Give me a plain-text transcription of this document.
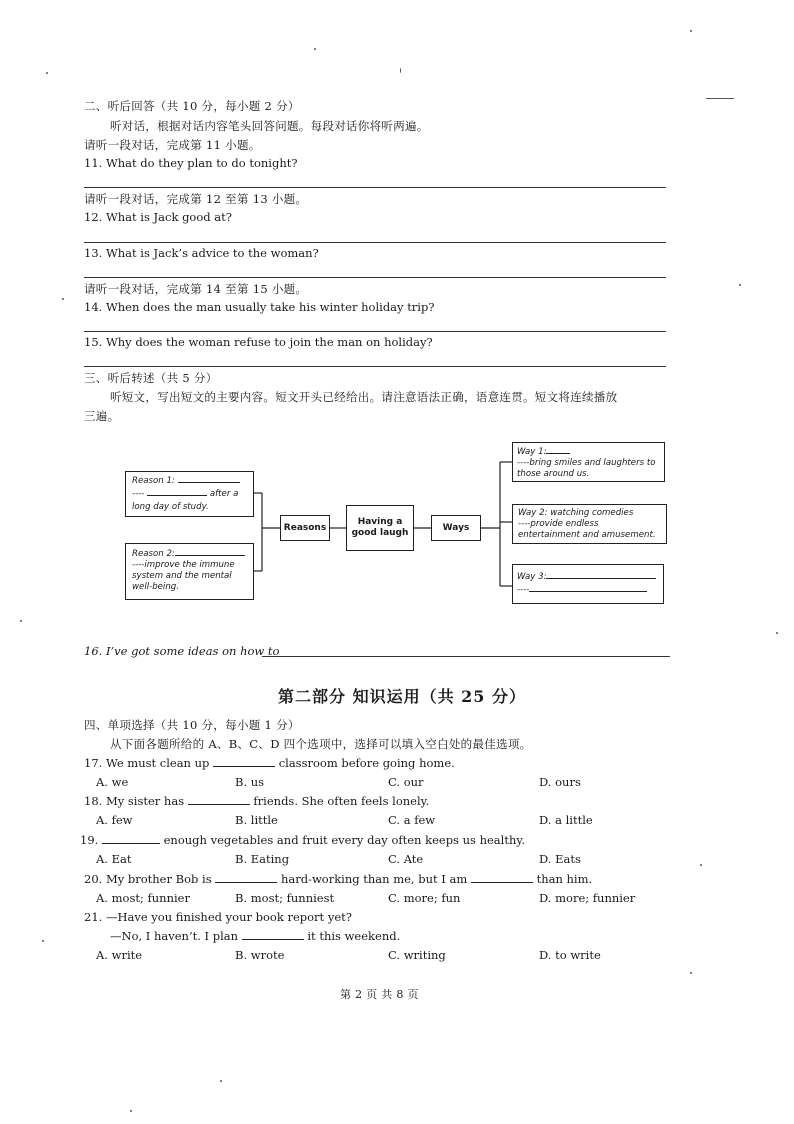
二、听后回答（共 10 分，每小题 2 分）
听对话，根据对话内容笔头回答问题。每段对话你将听两遍。
请听一段对话，完成第 11 小题。
11. What do they plan to do tonight?
请听一段对话，完成第 12 至第 13 小题。
12. What is Jack good at?
13. What is Jack’s advice to the woman?
请听一段对话，完成第 14 至第 15 小题。
14. When does the man usually take his winter holiday trip?
15. Why does the woman refuse to join the man on holiday?
三、听后转述（共 5 分）
听短文，写出短文的主要内容。短文开头已经给出。请注意语法正确，语意连贯。短文将连续播放
三遍。
Reason 1:
----	after a
long day of study.
Reason 2:
----improve the immune
system and the mental
well-being.
Reasons
Having a
good laugh
Ways
Way 1:
----bring smiles and laughters to
those around us.
Way 2: watching comedies
----provide endless
entertainment and amusement.
Way 3:
----
16. I’ve got some ideas on how to
第二部分 知识运用（共 25 分）
四、单项选择（共 10 分，每小题 1 分）
从下面各题所给的 A、B、C、D 四个选项中，选择可以填入空白处的最佳选项。
17. We must clean up	classroom before going home.
A. we	B. us	C. our	D. ours
18. My sister has	friends. She often feels lonely.
A. few	B. little	C. a few	D. a little
19.	enough vegetables and fruit every day often keeps us healthy.
A. Eat	B. Eating	C. Ate	D. Eats
20. My brother Bob is	hard-working than me, but I am	than him.
A. most; funnier	B. most; funniest	C. more; fun	D. more; funnier
21. —Have you finished your book report yet?
—No, I haven’t. I plan	it this weekend.
A. write	B. wrote	C. writing	D. to write
第 2 页 共 8 页
